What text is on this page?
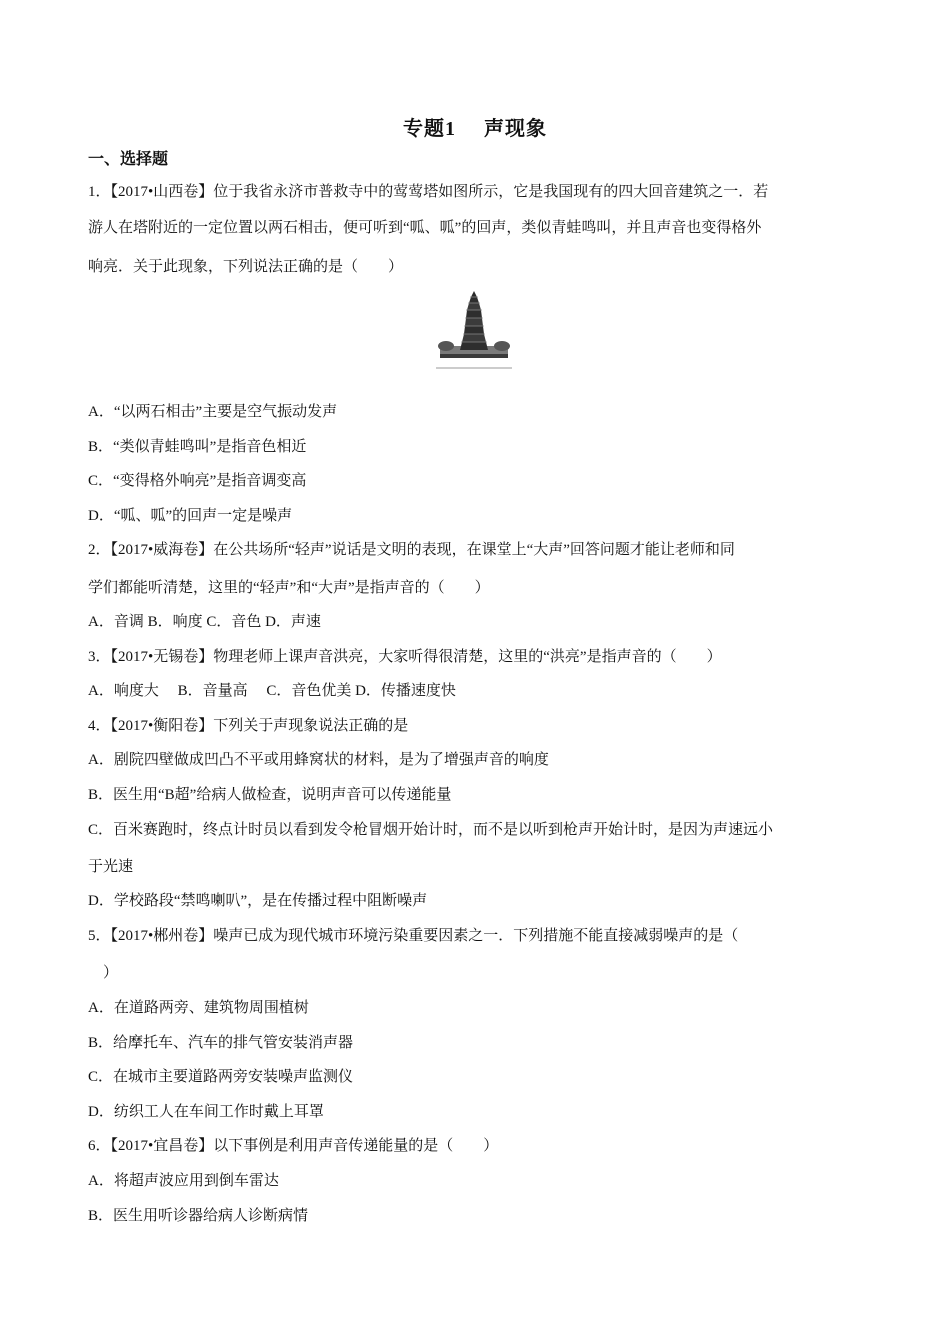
专题1 声现象
一、选择题
1．【2017•山西卷】位于我省永济市普救寺中的莺莺塔如图所示，它是我国现有的四大回音建筑之一．若
游人在塔附近的一定位置以两石相击，便可听到“呱、呱”的回声，类似青蛙鸣叫，并且声音也变得格外
响亮．关于此现象，下列说法正确的是（　　）
A．“以两石相击”主要是空气振动发声
B．“类似青蛙鸣叫”是指音色相近
C．“变得格外响亮”是指音调变高
D．“呱、呱”的回声一定是噪声
2．【2017•威海卷】在公共场所“轻声”说话是文明的表现，在课堂上“大声”回答问题才能让老师和同
学们都能听清楚，这里的“轻声”和“大声”是指声音的（　　）
A．音调 B．响度 C．音色 D．声速
3．【2017•无锡卷】物理老师上课声音洪亮，大家听得很清楚，这里的“洪亮”是指声音的（　　）
A．响度大　 B．音量高　 C．音色优美 D．传播速度快
4．【2017•衡阳卷】下列关于声现象说法正确的是
A．剧院四壁做成凹凸不平或用蜂窝状的材料，是为了增强声音的响度
B．医生用“B超”给病人做检查，说明声音可以传递能量
C．百米赛跑时，终点计时员以看到发令枪冒烟开始计时，而不是以听到枪声开始计时，是因为声速远小
于光速
D．学校路段“禁鸣喇叭”，是在传播过程中阻断噪声
5．【2017•郴州卷】噪声已成为现代城市环境污染重要因素之一．下列措施不能直接减弱噪声的是（
　）
A．在道路两旁、建筑物周围植树
B．给摩托车、汽车的排气管安装消声器
C．在城市主要道路两旁安装噪声监测仪
D．纺织工人在车间工作时戴上耳罩
6．【2017•宜昌卷】以下事例是利用声音传递能量的是（　　）
A．将超声波应用到倒车雷达
B．医生用听诊器给病人诊断病情
